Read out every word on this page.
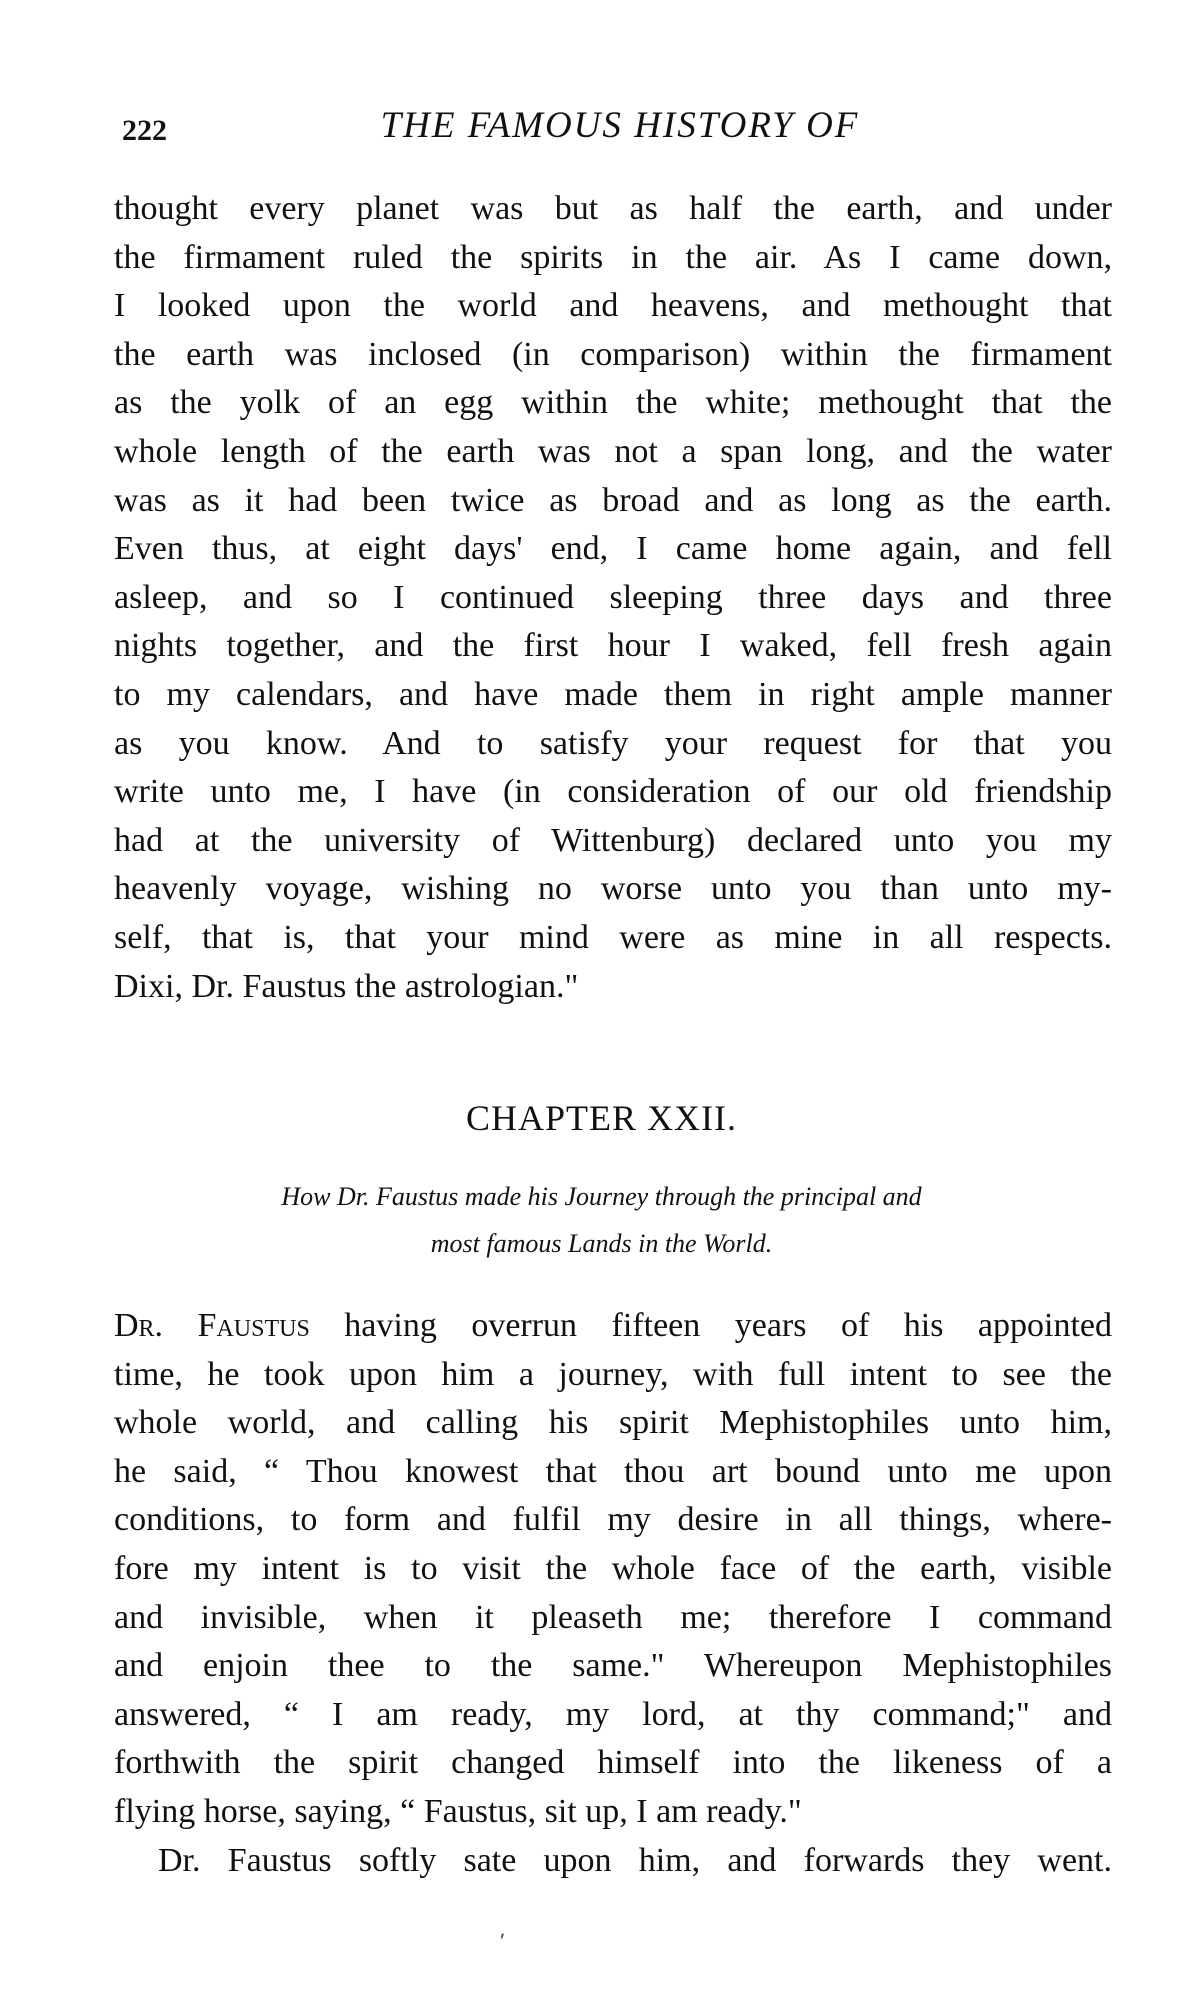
222	THE FAMOUS HISTORY OF
thought every planet was but as half the earth, and under
the firmament ruled the spirits in the air. As I came down,
I looked upon the world and heavens, and methought that
the earth was inclosed (in comparison) within the firmament
as the yolk of an egg within the white; methought that the
whole length of the earth was not a span long, and the water
was as it had been twice as broad and as long as the earth.
Even thus, at eight days' end, I came home again, and fell
asleep, and so I continued sleeping three days and three
nights together, and the first hour I waked, fell fresh again
to my calendars, and have made them in right ample manner
as you know. And to satisfy your request for that you
write unto me, I have (in consideration of our old friendship
had at the university of Wittenburg) declared unto you my
heavenly voyage, wishing no worse unto you than unto my-
self, that is, that your mind were as mine in all respects.
Dixi, Dr. Faustus the astrologian."
CHAPTER XXII.
How Dr. Faustus made his Journey through the principal and
most famous Lands in the World.
Dr. Faustus having overrun fifteen years of his appointed
time, he took upon him a journey, with full intent to see the
whole world, and calling his spirit Mephistophiles unto him,
he said, “ Thou knowest that thou art bound unto me upon
conditions, to form and fulfil my desire in all things, where-
fore my intent is to visit the whole face of the earth, visible
and invisible, when it pleaseth me; therefore I command
and enjoin thee to the same." Whereupon Mephistophiles
answered, “ I am ready, my lord, at thy command;" and
forthwith the spirit changed himself into the likeness of a
flying horse, saying, “ Faustus, sit up, I am ready."
Dr. Faustus softly sate upon him, and forwards they went.
⸴
